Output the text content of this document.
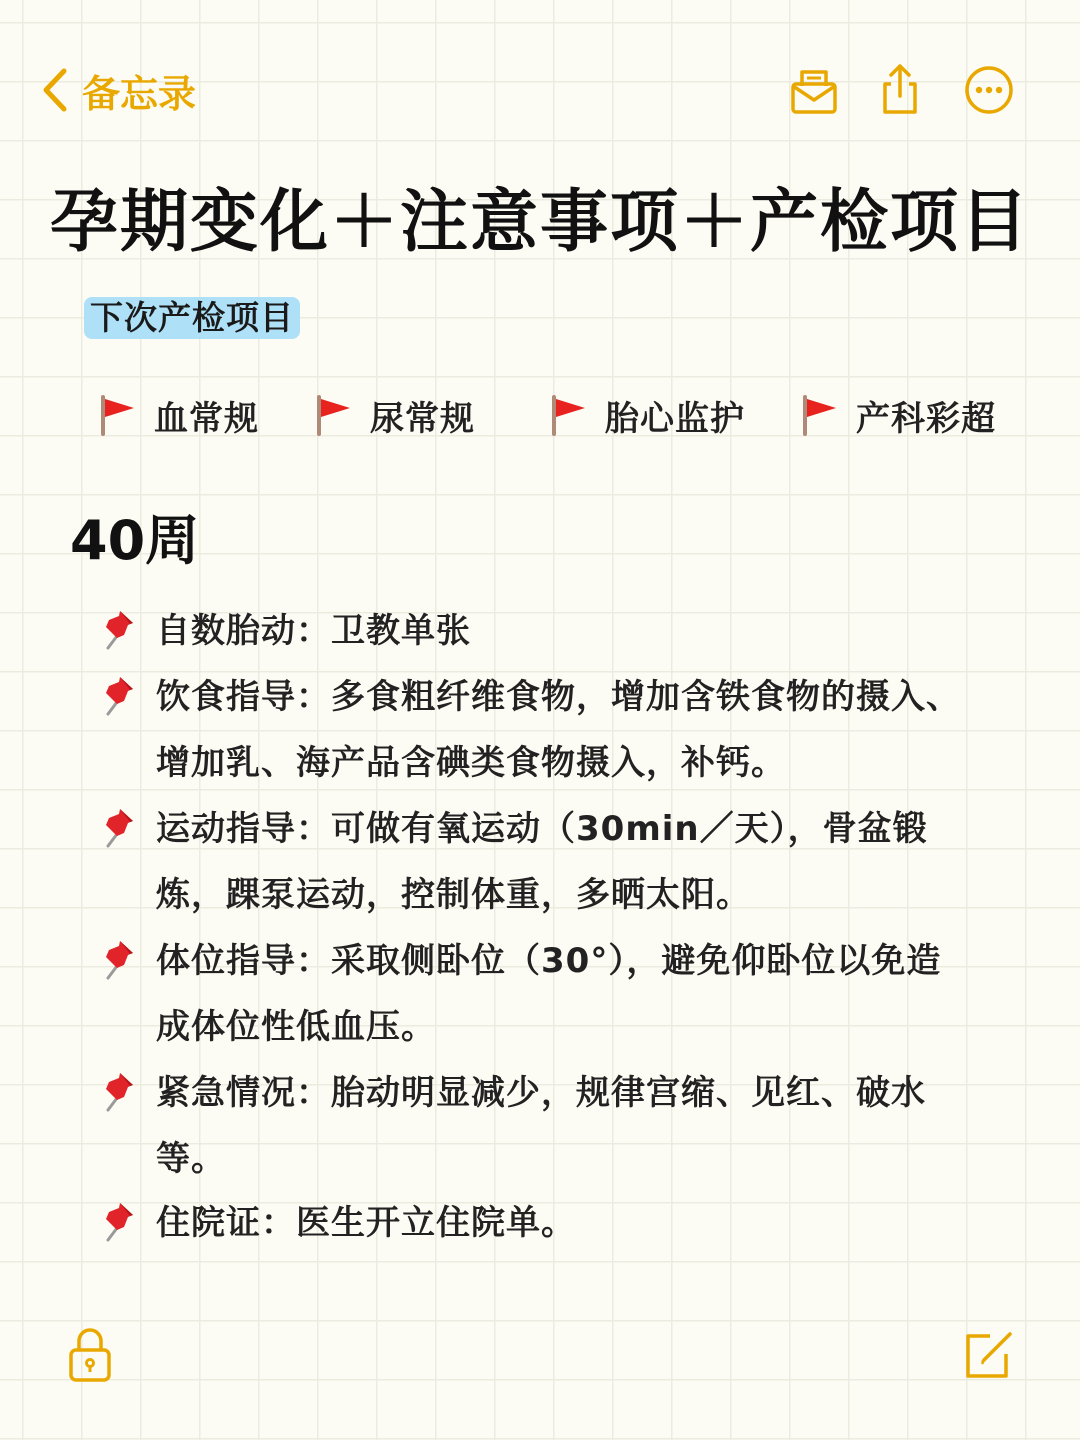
备忘录
孕期变化＋注意事项＋产检项目
下次产检项目
血常规	尿常规	胎心监护	产科彩超
40周
自数胎动：卫教单张
饮食指导：多食粗纤维食物，增加含铁食物的摄入、增加乳、海产品含碘类食物摄入，补钙。
运动指导：可做有氧运动（30min／天），骨盆锻炼，踝泵运动，控制体重，多晒太阳。
体位指导：采取侧卧位（30°），避免仰卧位以免造成体位性低血压。
紧急情况：胎动明显减少，规律宫缩、见红、破水等。
住院证：医生开立住院单。
